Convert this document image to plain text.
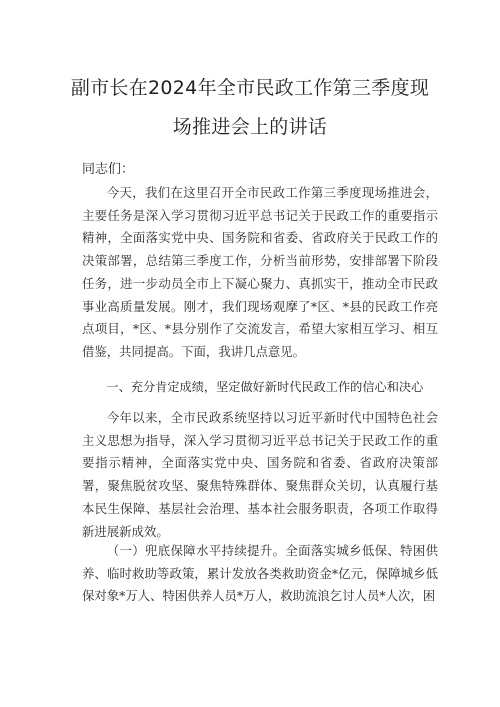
副市长在2024年全市民政工作第三季度现
场推进会上的讲话
同志们：

今天，我们在这里召开全市民政工作第三季度现场推进会，主要任务是深入学习贯彻习近平总书记关于民政工作的重要指示精神，全面落实党中央、国务院和省委、省政府关于民政工作的决策部署，总结第三季度工作，分析当前形势，安排部署下阶段任务，进一步动员全市上下凝心聚力、真抓实干，推动全市民政事业高质量发展。刚才，我们现场观摩了*区、*县的民政工作亮点项目，*区、*县分别作了交流发言，希望大家相互学习、相互借鉴，共同提高。下面，我讲几点意见。

一、充分肯定成绩，坚定做好新时代民政工作的信心和决心

今年以来，全市民政系统坚持以习近平新时代中国特色社会主义思想为指导，深入学习贯彻习近平总书记关于民政工作的重要指示精神，全面落实党中央、国务院和省委、省政府决策部署，聚焦脱贫攻坚、聚焦特殊群体、聚焦群众关切，认真履行基本民生保障、基层社会治理、基本社会服务职责，各项工作取得新进展新成效。

（一）兜底保障水平持续提升。全面落实城乡低保、特困供养、临时救助等政策，累计发放各类救助资金*亿元，保障城乡低保对象*万人、特困供养人员*万人，救助流浪乞讨人员*人次，困
